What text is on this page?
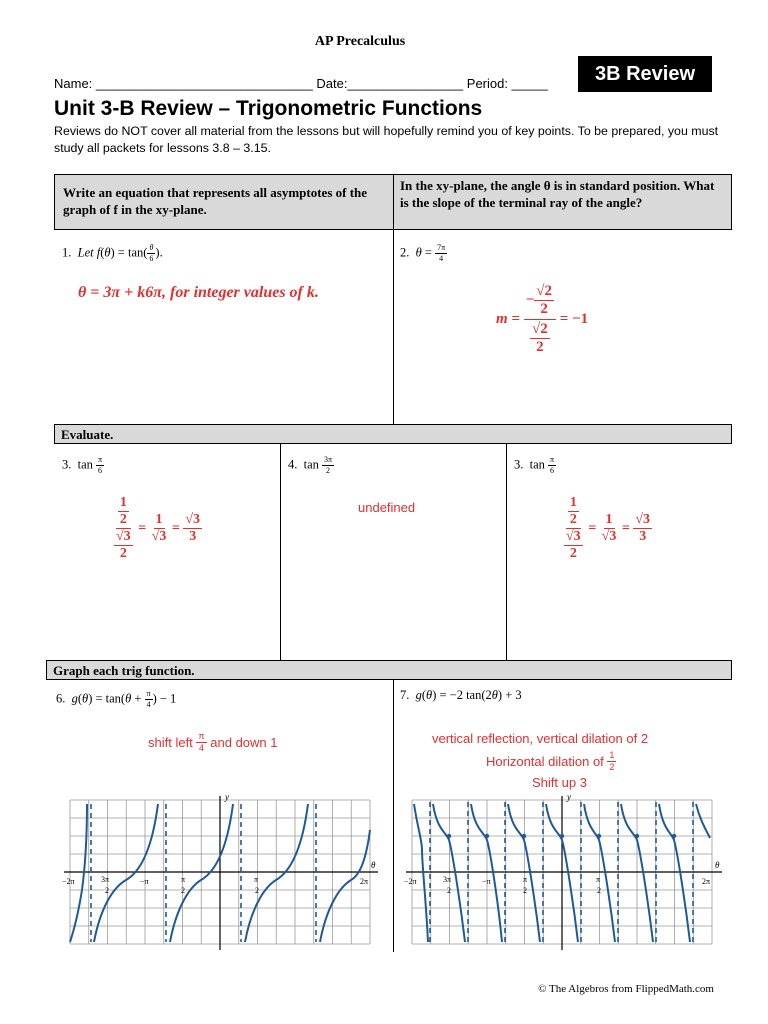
AP Precalculus
Name: ______________________________ Date:________________ Period: _____	3B Review
Unit 3-B Review – Trigonometric Functions
Reviews do NOT cover all material from the lessons but will hopefully remind you of key points. To be prepared, you must study all packets for lessons 3.8 – 3.15.
Write an equation that represents all asymptotes of the graph of f in the xy-plane.
In the xy-plane, the angle θ is in standard position. What is the slope of the terminal ray of the angle?
1. Let $f(\theta) = \tan( \frac{\theta}{6}$ ).
θ = 3π + k6π, for integer values of k.
2. $\theta = \frac{7\pi}{4}$
m =
$\frac{- \frac{√2}{2}}{\frac{√2}{2}}$
= −1
Evaluate.
3.  $\tan \frac{\pi}{6}$
$\frac{\frac{1}{2}}{\frac{√3}{2}} = \frac{1}{√3} = \frac{√3}{3}$
4.  $\tan \frac{3\pi}{2}$
undefined
3.  $\tan \frac{\pi}{6}$
$\frac{\frac{1}{2}}{\frac{√3}{2}} = \frac{1}{√3} = \frac{√3}{3}$
Graph each trig function.
6. $g(\theta) = \tan(\theta + \frac{\pi}{4}$ ) − 1
shift left
$\frac{\pi}{4}$
and down 1
7. g(θ) = −2 tan(2θ) + 3
vertical reflection, vertical dilation of 2
Horizontal dilation of
$\frac{1}{2}$
Shift up 3
y
θ
−2π	3π
2
−π	π
2
π
2
2π
y
θ
−2π	3π
2
−π	π
2
π
2
2π
© The Algebros from FlippedMath.com
